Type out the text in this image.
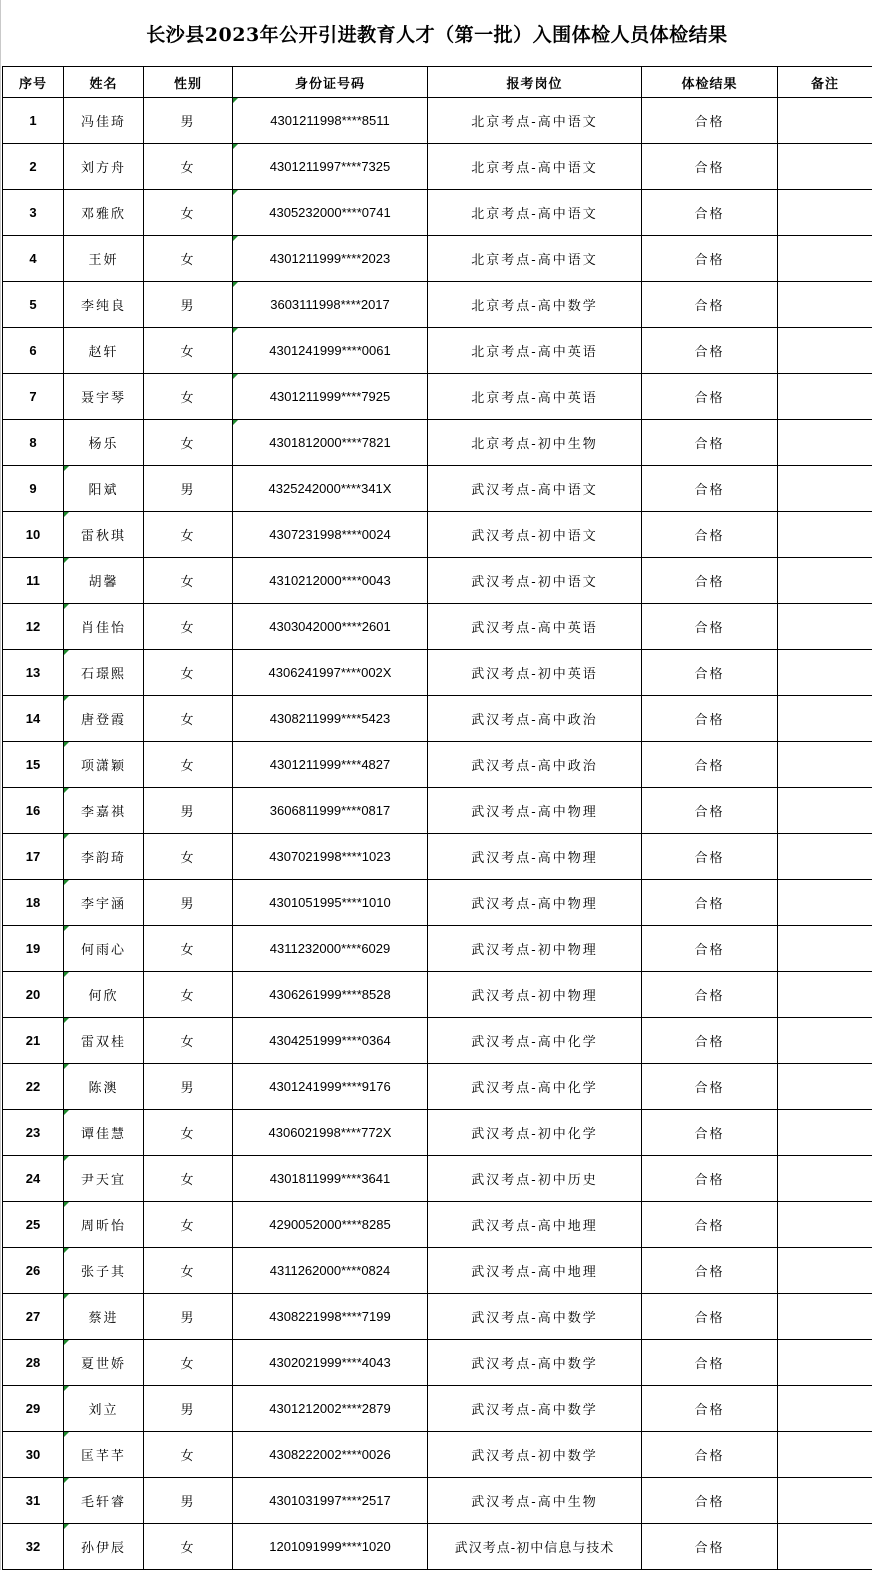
长沙县2023年公开引进教育人才（第一批）入围体检人员体检结果
序号	姓名	性别	身份证号码	报考岗位	体检结果	备注
1	冯佳琦	男	4301211998****8511	北京考点-高中语文	合格	
2	刘方舟	女	4301211997****7325	北京考点-高中语文	合格	
3	邓雅欣	女	4305232000****0741	北京考点-高中语文	合格	
4	王妍	女	4301211999****2023	北京考点-高中语文	合格	
5	李纯良	男	3603111998****2017	北京考点-高中数学	合格	
6	赵轩	女	4301241999****0061	北京考点-高中英语	合格	
7	聂宇琴	女	4301211999****7925	北京考点-高中英语	合格	
8	杨乐	女	4301812000****7821	北京考点-初中生物	合格	
9	阳斌	男	4325242000****341X	武汉考点-高中语文	合格	
10	雷秋琪	女	4307231998****0024	武汉考点-初中语文	合格	
11	胡馨	女	4310212000****0043	武汉考点-初中语文	合格	
12	肖佳怡	女	4303042000****2601	武汉考点-高中英语	合格	
13	石璟熙	女	4306241997****002X	武汉考点-初中英语	合格	
14	唐登霞	女	4308211999****5423	武汉考点-高中政治	合格	
15	项潇颖	女	4301211999****4827	武汉考点-高中政治	合格	
16	李嘉祺	男	3606811999****0817	武汉考点-高中物理	合格	
17	李韵琦	女	4307021998****1023	武汉考点-高中物理	合格	
18	李宇涵	男	4301051995****1010	武汉考点-高中物理	合格	
19	何雨心	女	4311232000****6029	武汉考点-初中物理	合格	
20	何欣	女	4306261999****8528	武汉考点-初中物理	合格	
21	雷双桂	女	4304251999****0364	武汉考点-高中化学	合格	
22	陈澳	男	4301241999****9176	武汉考点-高中化学	合格	
23	谭佳慧	女	4306021998****772X	武汉考点-初中化学	合格	
24	尹天宜	女	4301811999****3641	武汉考点-初中历史	合格	
25	周昕怡	女	4290052000****8285	武汉考点-高中地理	合格	
26	张子其	女	4311262000****0824	武汉考点-高中地理	合格	
27	蔡进	男	4308221998****7199	武汉考点-高中数学	合格	
28	夏世娇	女	4302021999****4043	武汉考点-高中数学	合格	
29	刘立	男	4301212002****2879	武汉考点-高中数学	合格	
30	匡芊芊	女	4308222002****0026	武汉考点-初中数学	合格	
31	毛轩睿	男	4301031997****2517	武汉考点-高中生物	合格	
32	孙伊辰	女	1201091999****1020	武汉考点-初中信息与技术	合格	
